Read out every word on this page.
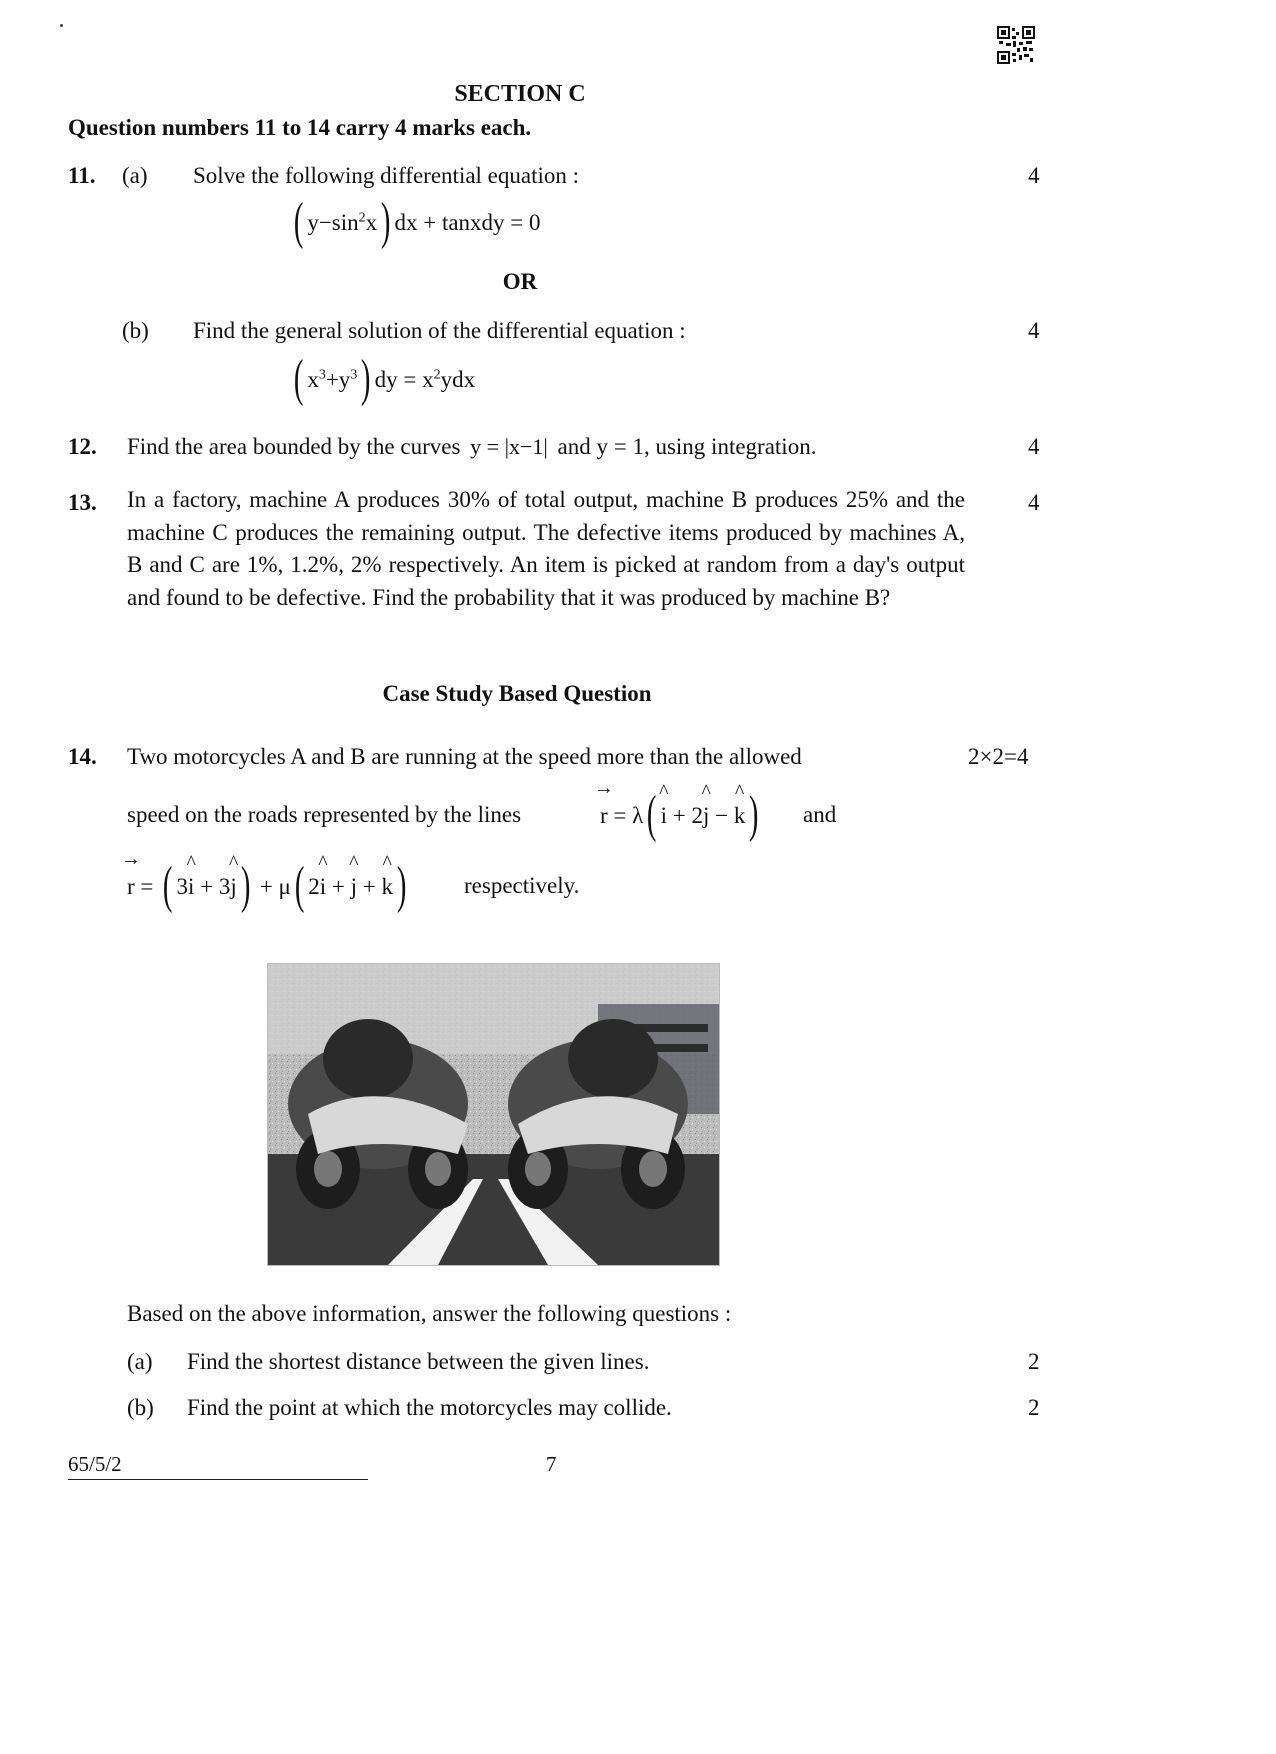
SECTION C
Question numbers 11 to 14 carry 4 marks each.
11. (a) Solve the following differential equation :	4
( $y-\sin^2x$) dx + tanxdy = 0
OR
(b) Find the general solution of the differential equation :	4
( $x^3+y^3$) dy = $x^2ydx$
12. Find the area bounded by the curves y = |x−1| and y = 1, using integration.	4
13. In a factory, machine A produces 30% of total output, machine B produces 25% and the machine C produces the remaining output. The defective items produced by machines A, B and C are 1%, 1.2%, 2% respectively. An item is picked at random from a day's output and found to be defective. Find the probability that it was produced by machine B?
4
Case Study Based Question
14. Two motorcycles A and B are running at the speed more than the allowed	2×2=4
speed on the roads represented by the lines	→ r = λ( ^ i + 2^ j − ^ k) and
→ r = ( 3^ i + 3^ j) + μ( 2^ i + ^ j + ^ k)	respectively.
Based on the above information, answer the following questions :
(a) Find the shortest distance between the given lines.	2
(b) Find the point at which the motorcycles may collide.	2
65/5/2	7
